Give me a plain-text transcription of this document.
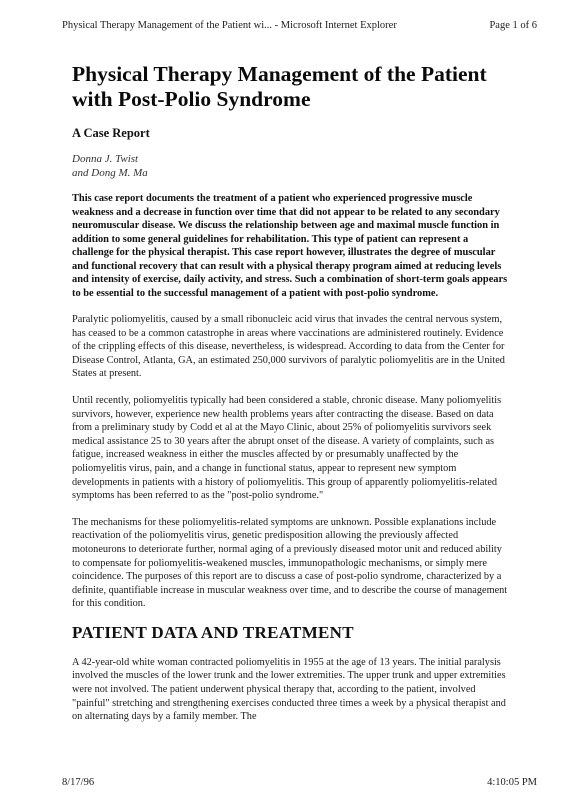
Physical Therapy Management of the Patient wi... - Microsoft Internet Explorer	Page 1 of 6
Physical Therapy Management of the Patient with Post-Polio Syndrome
A Case Report
Donna J. Twist
and Dong M. Ma
This case report documents the treatment of a patient who experienced progressive muscle weakness and a decrease in function over time that did not appear to be related to any secondary neuromuscular disease. We discuss the relationship between age and maximal muscle function in addition to some general guidelines for rehabilitation. This type of patient can represent a challenge for the physical therapist. This case report however, illustrates the degree of muscular and functional recovery that can result with a physical therapy program aimed at reducing levels and intensity of exercise, daily activity, and stress. Such a combination of short-term goals appears to be essential to the successful management of a patient with post-polio syndrome.

Paralytic poliomyelitis, caused by a small ribonucleic acid virus that invades the central nervous system, has ceased to be a common catastrophe in areas where vaccinations are administered routinely. Evidence of the crippling effects of this disease, nevertheless, is widespread. According to data from the Center for Disease Control, Atlanta, GA, an estimated 250,000 survivors of paralytic poliomyelitis are in the United States at present.

Until recently, poliomyelitis typically had been considered a stable, chronic disease. Many poliomyelitis survivors, however, experience new health problems years after contracting the disease. Based on data from a preliminary study by Codd et al at the Mayo Clinic, about 25% of poliomyelitis survivors seek medical assistance 25 to 30 years after the abrupt onset of the disease. A variety of complaints, such as fatigue, increased weakness in either the muscles affected by or presumably unaffected by the poliomyelitis virus, pain, and a change in functional status, appear to represent new symptom developments in patients with a history of poliomyelitis. This group of apparently poliomyelitis-related symptoms has been referred to as the "post-polio syndrome."

The mechanisms for these poliomyelitis-related symptoms are unknown. Possible explanations include reactivation of the poliomyelitis virus, genetic predisposition allowing the previously affected motoneurons to deteriorate further, normal aging of a previously diseased motor unit and reduced ability to compensate for poliomyelitis-weakened muscles, immunopathologic mechanisms, or simply mere coincidence. The purposes of this report are to discuss a case of post-polio syndrome, characterized by a definite, quantifiable increase in muscular weakness over time, and to describe the course of management for this condition.

PATIENT DATA AND TREATMENT

A 42-year-old white woman contracted poliomyelitis in 1955 at the age of 13 years. The initial paralysis involved the muscles of the lower trunk and the lower extremities. The upper trunk and upper extremities were not involved. The patient underwent physical therapy that, according to the patient, involved "painful" stretching and strengthening exercises conducted three times a week by a physical therapist and on alternating days by a family member. The

8/17/96	4:10:05 PM
